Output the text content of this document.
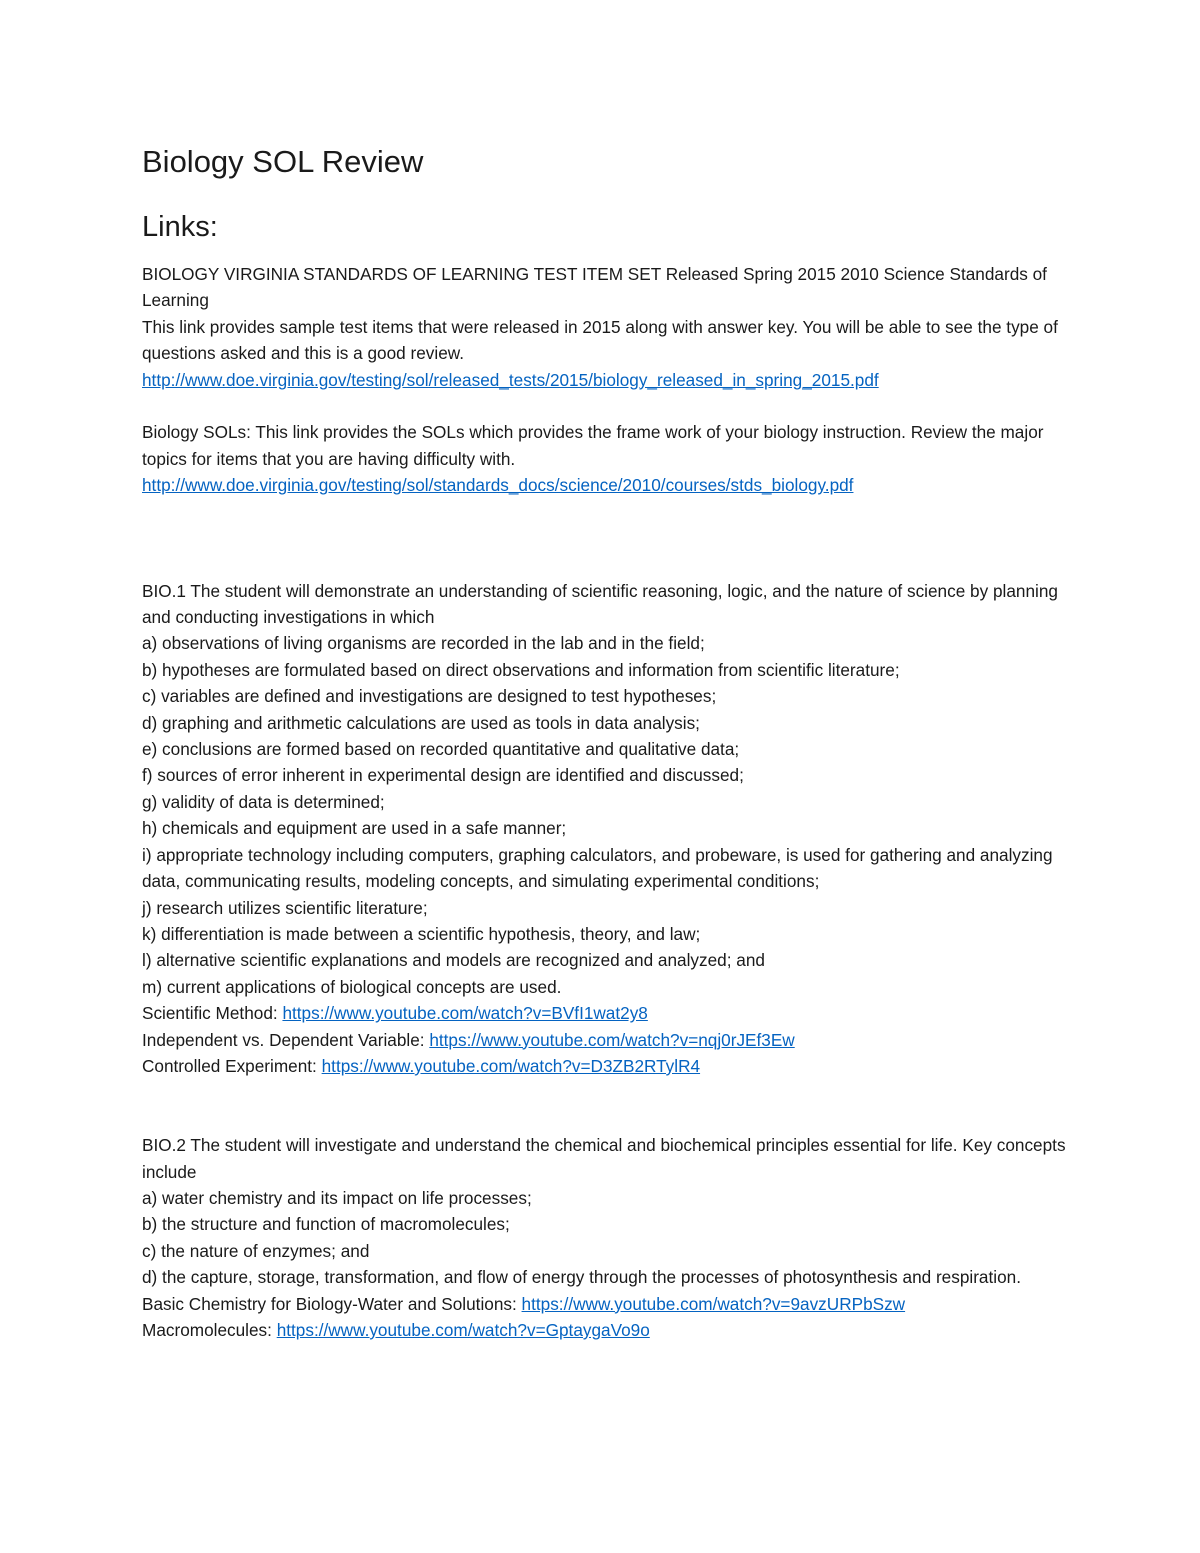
Biology SOL Review
Links:

BIOLOGY VIRGINIA STANDARDS OF LEARNING TEST ITEM SET Released Spring 2015 2010 Science Standards of Learning

This link provides sample test items that were released in 2015 along with answer key. You will be able to see the type of questions asked and this is a good review.

http://www.doe.virginia.gov/testing/sol/released_tests/2015/biology_released_in_spring_2015.pdf

Biology SOLs: This link provides the SOLs which provides the frame work of your biology instruction. Review the major topics for items that you are having difficulty with.

http://www.doe.virginia.gov/testing/sol/standards_docs/science/2010/courses/stds_biology.pdf

BIO.1 The student will demonstrate an understanding of scientific reasoning, logic, and the nature of science by planning and conducting investigations in which

a) observations of living organisms are recorded in the lab and in the field;

b) hypotheses are formulated based on direct observations and information from scientific literature;

c) variables are defined and investigations are designed to test hypotheses;

d) graphing and arithmetic calculations are used as tools in data analysis;

e) conclusions are formed based on recorded quantitative and qualitative data;

f) sources of error inherent in experimental design are identified and discussed;

g) validity of data is determined;

h) chemicals and equipment are used in a safe manner;

i) appropriate technology including computers, graphing calculators, and probeware, is used for gathering and analyzing data, communicating results, modeling concepts, and simulating experimental conditions;

j) research utilizes scientific literature;

k) differentiation is made between a scientific hypothesis, theory, and law;

l) alternative scientific explanations and models are recognized and analyzed; and

m) current applications of biological concepts are used.

Scientific Method: https://www.youtube.com/watch?v=BVfI1wat2y8

Independent vs. Dependent Variable: https://www.youtube.com/watch?v=nqj0rJEf3Ew

Controlled Experiment: https://www.youtube.com/watch?v=D3ZB2RTylR4

BIO.2 The student will investigate and understand the chemical and biochemical principles essential for life. Key concepts include

a) water chemistry and its impact on life processes;

b) the structure and function of macromolecules;

c) the nature of enzymes; and

d) the capture, storage, transformation, and flow of energy through the processes of photosynthesis and respiration.

Basic Chemistry for Biology-Water and Solutions: https://www.youtube.com/watch?v=9avzURPbSzw

Macromolecules: https://www.youtube.com/watch?v=GptaygaVo9o
